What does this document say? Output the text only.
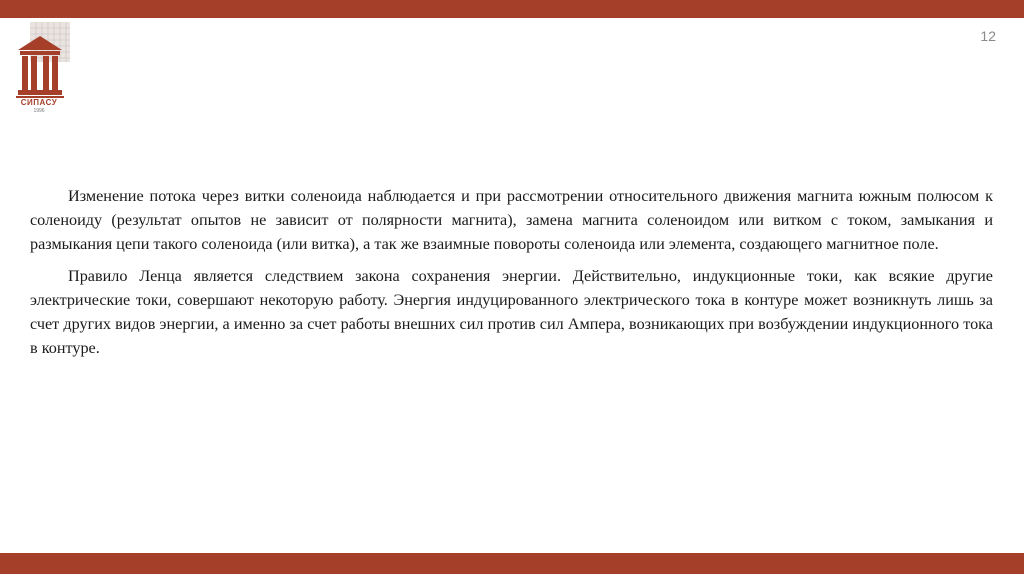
СИПАСУ
1996
12

Изменение потока через витки соленоида наблюдается и при рассмотрении относительного движения магнита южным полюсом к соленоиду (результат опытов не зависит от полярности магнита), замена магнита соленоидом или витком с током, замыкания и размыкания цепи такого соленоида (или витка), а так же взаимные повороты соленоида или элемента, создающего магнитное поле.

Правило Ленца является следствием закона сохранения энергии. Действительно, индукционные токи, как всякие другие электрические токи, совершают некоторую работу. Энергия индуцированного электрического тока в контуре может возникнуть лишь за счет других видов энергии, а именно за счет работы внешних сил против сил Ампера, возникающих при возбуждении индукционного тока в контуре.
